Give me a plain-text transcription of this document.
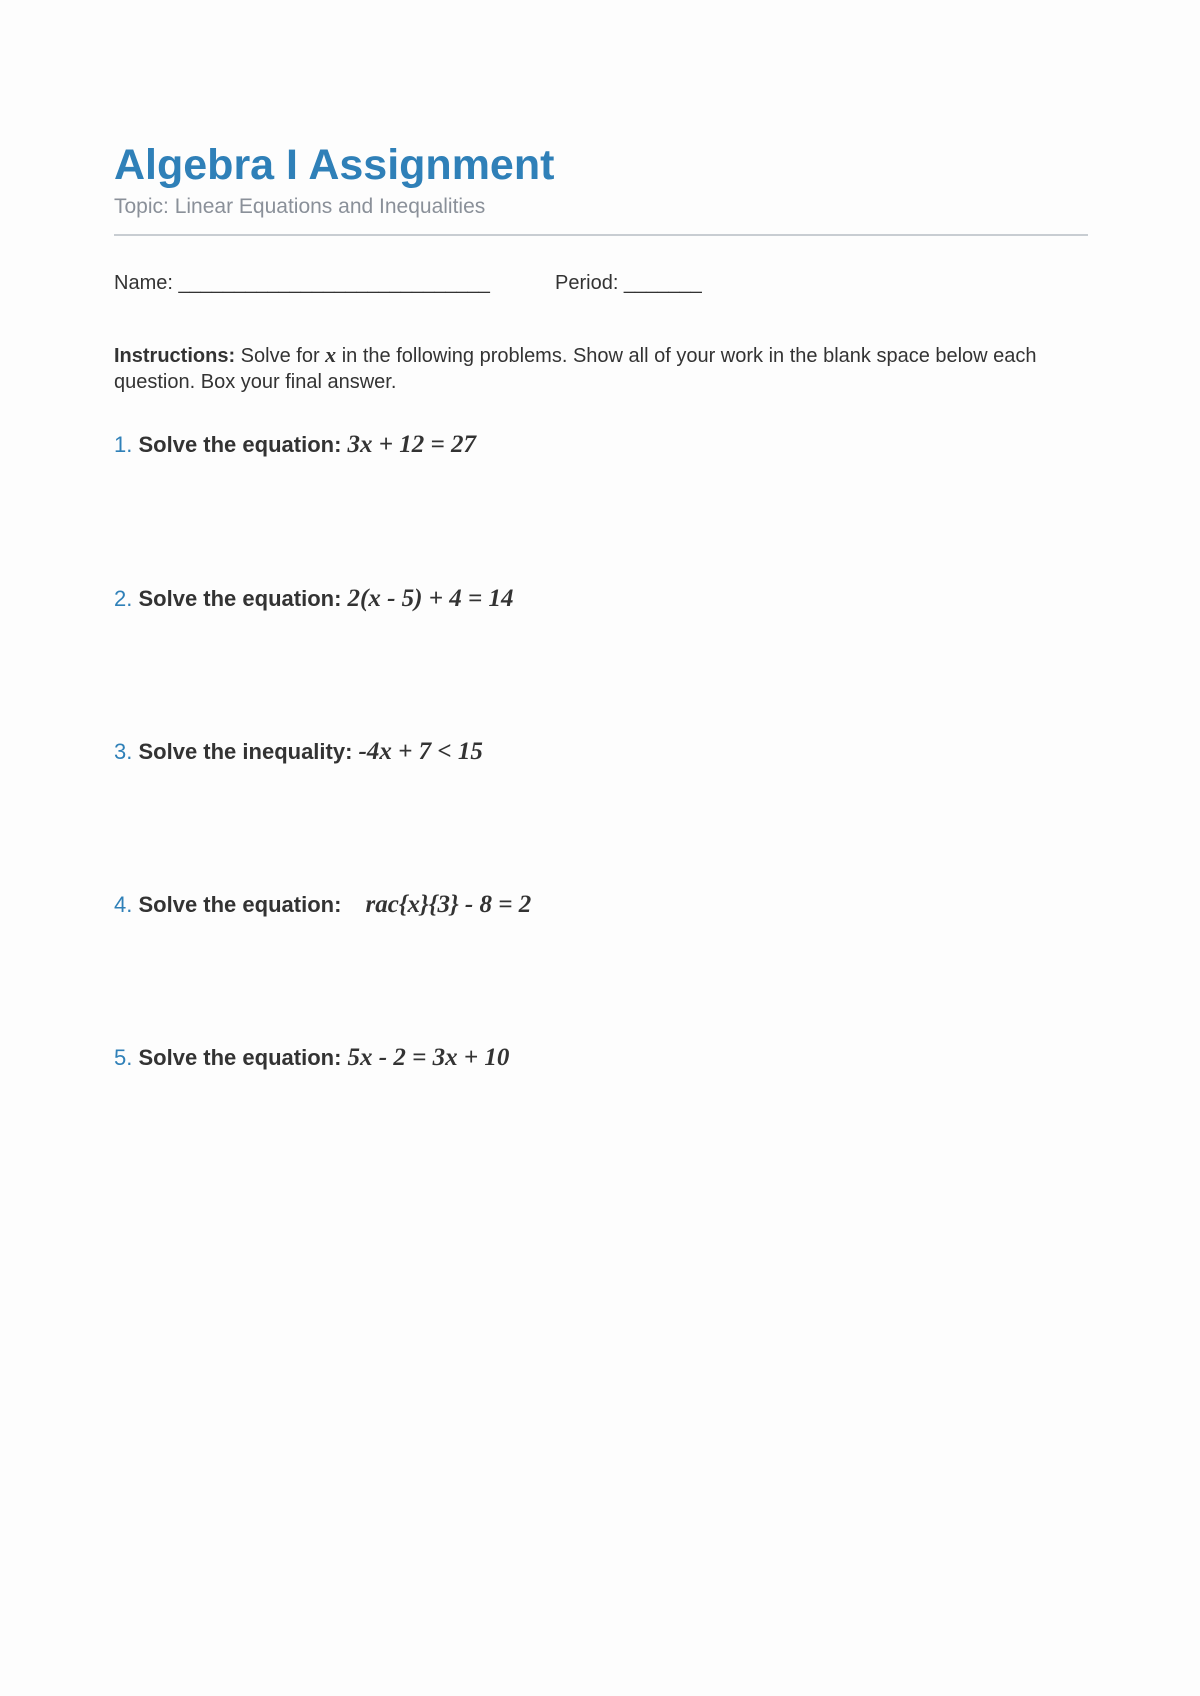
Algebra I Assignment
Topic: Linear Equations and Inequalities
Name: ____________________________	Period: _______
Instructions: Solve for x in the following problems. Show all of your work in the blank space below each question. Box your final answer.
1. Solve the equation: 3x + 12 = 27
2. Solve the equation: 2(x - 5) + 4 = 14
3. Solve the inequality: -4x + 7 < 15
4. Solve the equation: rac{x}{3} - 8 = 2
5. Solve the equation: 5x - 2 = 3x + 10
